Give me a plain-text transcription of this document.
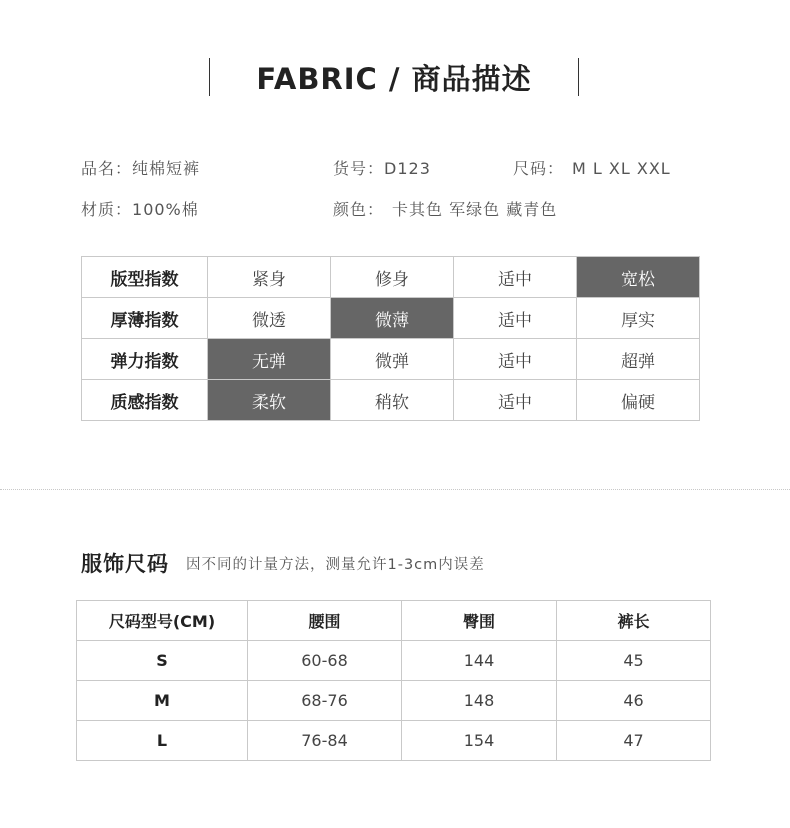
FABRIC / 商品描述
品名：纯棉短裤	货号：D123	尺码： M L XL XXL
材质：100%棉	颜色： 卡其色 军绿色 藏青色
版型指数	紧身	修身	适中	宽松
厚薄指数	微透	微薄	适中	厚实
弹力指数	无弹	微弹	适中	超弹
质感指数	柔软	稍软	适中	偏硬
服饰尺码 因不同的计量方法，测量允许1-3cm内误差
尺码型号(CM)	腰围	臀围	裤长
S	60-68	144	45
M	68-76	148	46
L	76-84	154	47
